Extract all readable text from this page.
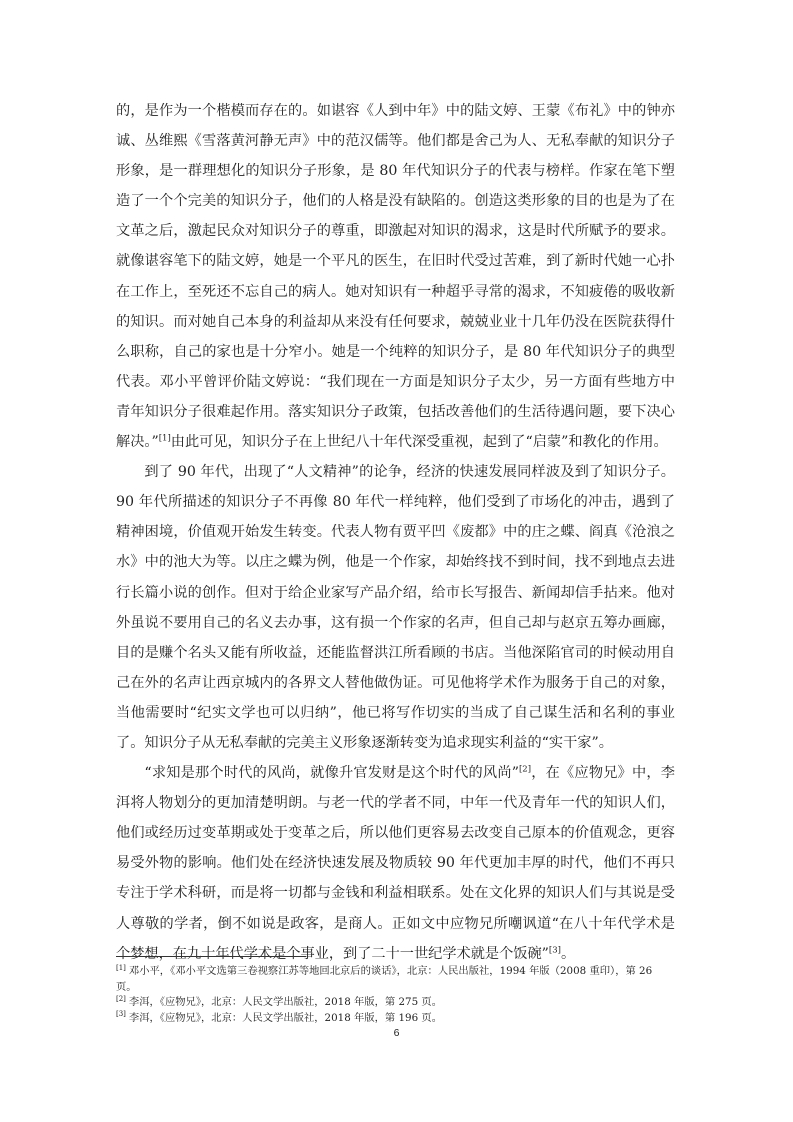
的，是作为一个楷模而存在的。如谌容《人到中年》中的陆文婷、王蒙《布礼》中的钟亦诚、丛维熙《雪落黄河静无声》中的范汉儒等。他们都是舍己为人、无私奉献的知识分子形象，是一群理想化的知识分子形象，是 80 年代知识分子的代表与榜样。作家在笔下塑造了一个个完美的知识分子，他们的人格是没有缺陷的。创造这类形象的目的也是为了在文革之后，激起民众对知识分子的尊重，即激起对知识的渴求，这是时代所赋予的要求。就像谌容笔下的陆文婷，她是一个平凡的医生，在旧时代受过苦难，到了新时代她一心扑在工作上，至死还不忘自己的病人。她对知识有一种超乎寻常的渴求，不知疲倦的吸收新的知识。而对她自己本身的利益却从来没有任何要求，兢兢业业十几年仍没在医院获得什么职称，自己的家也是十分窄小。她是一个纯粹的知识分子，是 80 年代知识分子的典型代表。邓小平曾评价陆文婷说：“我们现在一方面是知识分子太少，另一方面有些地方中青年知识分子很难起作用。落实知识分子政策，包括改善他们的生活待遇问题，要下决心解决。”[1]由此可见，知识分子在上世纪八十年代深受重视，起到了“启蒙”和教化的作用。

到了 90 年代，出现了“人文精神”的论争，经济的快速发展同样波及到了知识分子。90 年代所描述的知识分子不再像 80 年代一样纯粹，他们受到了市场化的冲击，遇到了精神困境，价值观开始发生转变。代表人物有贾平凹《废都》中的庄之蝶、阎真《沧浪之水》中的池大为等。以庄之蝶为例，他是一个作家，却始终找不到时间，找不到地点去进行长篇小说的创作。但对于给企业家写产品介绍，给市长写报告、新闻却信手拈来。他对外虽说不要用自己的名义去办事，这有损一个作家的名声，但自己却与赵京五筹办画廊，目的是赚个名头又能有所收益，还能监督洪江所看顾的书店。当他深陷官司的时候动用自己在外的名声让西京城内的各界文人替他做伪证。可见他将学术作为服务于自己的对象，当他需要时“纪实文学也可以归纳”，他已将写作切实的当成了自己谋生活和名利的事业了。知识分子从无私奉献的完美主义形象逐渐转变为追求现实利益的“实干家”。

“求知是那个时代的风尚，就像升官发财是这个时代的风尚”[2]，在《应物兄》中，李洱将人物划分的更加清楚明朗。与老一代的学者不同，中年一代及青年一代的知识人们，他们或经历过变革期或处于变革之后，所以他们更容易去改变自己原本的价值观念，更容易受外物的影响。他们处在经济快速发展及物质较 90 年代更加丰厚的时代，他们不再只专注于学术科研，而是将一切都与金钱和利益相联系。处在文化界的知识人们与其说是受人尊敬的学者，倒不如说是政客，是商人。正如文中应物兄所嘲讽道“在八十年代学术是个梦想，在九十年代学术是个事业，到了二十一世纪学术就是个饭碗”[3]。

[1] 邓小平，《邓小平文选第三卷视察江苏等地回北京后的谈话》，北京：人民出版社，1994 年版（2008 重印），第 26 页。

[2] 李洱，《应物兄》，北京：人民文学出版社，2018 年版，第 275 页。

[3] 李洱，《应物兄》，北京：人民文学出版社，2018 年版，第 196 页。

6
